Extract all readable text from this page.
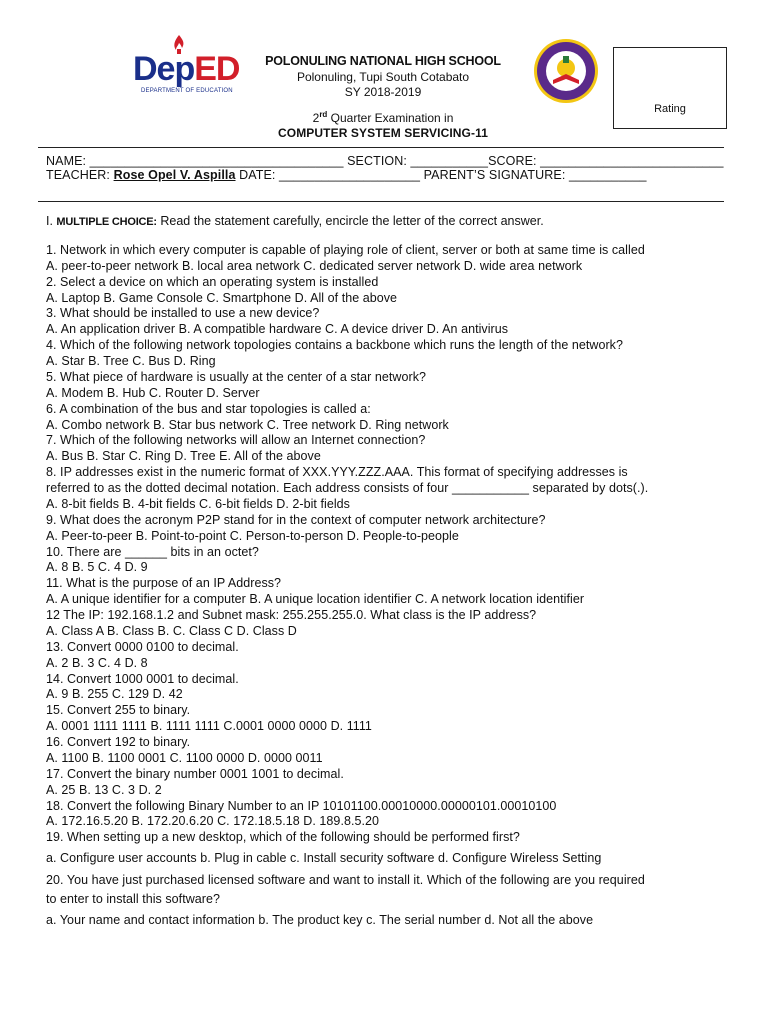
DepED
DEPARTMENT OF EDUCATION
POLONULING NATIONAL HIGH SCHOOL
Polonuling, Tupi South Cotabato
SY 2018-2019
2rd Quarter Examination in
COMPUTER SYSTEM SERVICING-11
Rating
NAME: ____________________________________ SECTION: ___________SCORE: __________________________
TEACHER: Rose Opel V. Aspilla DATE: ____________________ PARENT’S SIGNATURE: ___________
I. MULTIPLE CHOICE: Read the statement carefully, encircle the letter of the correct answer.
1. Network in which every computer is capable of playing role of client, server or both at same time is called
A. peer-to-peer network B. local area network C. dedicated server network D. wide area network
2. Select a device on which an operating system is installed
A. Laptop B. Game Console C. Smartphone D. All of the above
3. What should be installed to use a new device?
A. An application driver B. A compatible hardware C. A device driver D. An antivirus
4. Which of the following network topologies contains a backbone which runs the length of the network?
A. Star B. Tree C. Bus D. Ring
5. What piece of hardware is usually at the center of a star network?
A. Modem B. Hub C. Router D. Server
6. A combination of the bus and star topologies is called a:
A. Combo network B. Star bus network C. Tree network D. Ring network
7. Which of the following networks will allow an Internet connection?
A. Bus B. Star C. Ring D. Tree E. All of the above
8. IP addresses exist in the numeric format of XXX.YYY.ZZZ.AAA. This format of specifying addresses is
referred to as the dotted decimal notation. Each address consists of four ___________ separated by dots(.).
A. 8-bit fields B. 4-bit fields C. 6-bit fields D. 2-bit fields
9. What does the acronym P2P stand for in the context of computer network architecture?
A. Peer-to-peer B. Point-to-point C. Person-to-person D. People-to-people
10. There are ______ bits in an octet?
A. 8 B. 5 C. 4 D. 9
11. What is the purpose of an IP Address?
A. A unique identifier for a computer B. A unique location identifier C. A network location identifier
12 The IP: 192.168.1.2 and Subnet mask: 255.255.255.0. What class is the IP address?
A. Class A B. Class B. C. Class C D. Class D
13. Convert 0000 0100 to decimal.
A. 2 B. 3 C. 4 D. 8
14. Convert 1000 0001 to decimal.
A. 9 B. 255 C. 129 D. 42
15. Convert 255 to binary.
A. 0001 1111 1111 B. 1111 1111 C.0001 0000 0000 D. 1111
16. Convert 192 to binary.
A. 1100 B. 1100 0001 C. 1100 0000 D. 0000 0011
17. Convert the binary number 0001 1001 to decimal.
A. 25 B. 13 C. 3 D. 2
18. Convert the following Binary Number to an IP 10101100.00010000.00000101.00010100
A. 172.16.5.20 B. 172.20.6.20 C. 172.18.5.18 D. 189.8.5.20
19. When setting up a new desktop, which of the following should be performed first?
a. Configure user accounts b. Plug in cable c. Install security software d. Configure Wireless Setting
20. You have just purchased licensed software and want to install it. Which of the following are you required
to enter to install this software?
a. Your name and contact information b. The product key c. The serial number d. Not all the above
